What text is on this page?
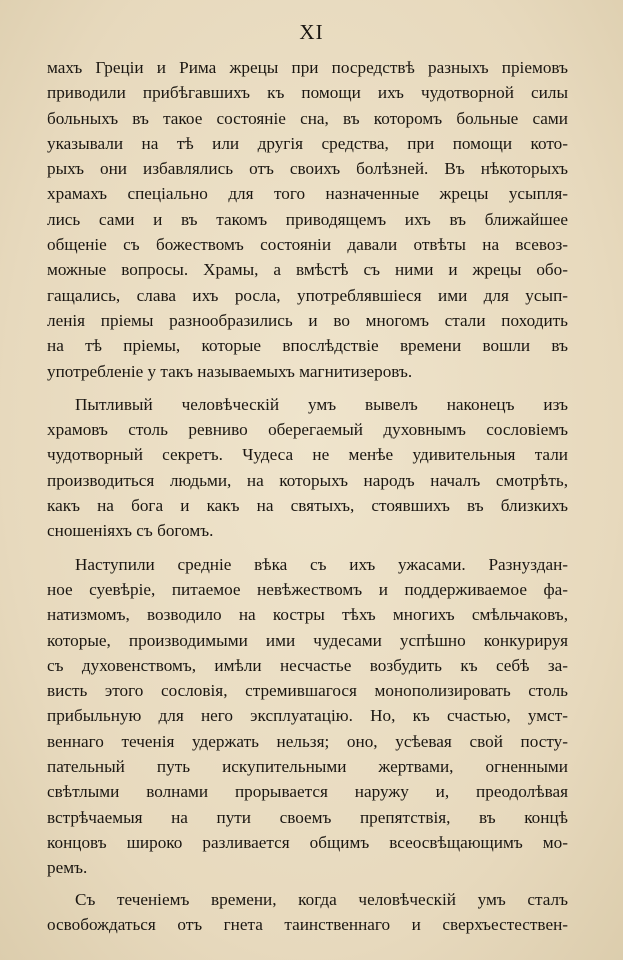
XI
махъ Греціи и Рима жрецы при посредствѣ разныхъ пріемовъ
приводили прибѣгавшихъ къ помощи ихъ чудотворной силы
больныхъ въ такое состояніе сна, въ которомъ больные сами
указывали на тѣ или другія средства, при помощи кото-
рыхъ они избавлялись отъ своихъ болѣзней. Въ нѣкоторыхъ
храмахъ спеціально для того назначенные жрецы усыпля-
лись сами и въ такомъ приводящемъ ихъ въ ближайшее
общеніе съ божествомъ состояніи давали отвѣты на всевоз-
можные вопросы. Храмы, а вмѣстѣ съ ними и жрецы обо-
гащались, слава ихъ росла, употреблявшіеся ими для усып-
ленія пріемы разнообразились и во многомъ стали походить
на тѣ пріемы, которые впослѣдствіе времени вошли въ
употребленіе у такъ называемыхъ магнитизеровъ.
Пытливый человѣческій умъ вывелъ наконецъ изъ
храмовъ столь ревниво оберегаемый духовнымъ сословіемъ
чудотворный секретъ. Чудеса не менѣе удивительныя тали
производиться людьми, на которыхъ народъ началъ смотрѣть,
какъ на бога и какъ на святыхъ, стоявшихъ въ близкихъ
сношеніяхъ съ богомъ.
Наступили средніе вѣка съ ихъ ужасами. Разнуздан-
ное суевѣріе, питаемое невѣжествомъ и поддерживаемое фа-
натизмомъ, возводило на костры тѣхъ многихъ смѣльчаковъ,
которые, производимыми ими чудесами успѣшно конкурируя
съ духовенствомъ, имѣли несчастье возбудить къ себѣ за-
висть этого сословія, стремившагося монополизировать столь
прибыльную для него эксплуатацію. Но, къ счастью, умст-
веннаго теченія удержать нельзя; оно, усѣевая свой посту-
пательный путь искупительными жертвами, огненными
свѣтлыми волнами прорывается наружу и, преодолѣвая
встрѣчаемыя на пути своемъ препятствія, въ концѣ
концовъ широко разливается общимъ всеосвѣщающимъ мо-
ремъ.
Съ теченіемъ времени, когда человѣческій умъ сталъ
освобождаться отъ гнета таинственнаго и сверхъестествен-
